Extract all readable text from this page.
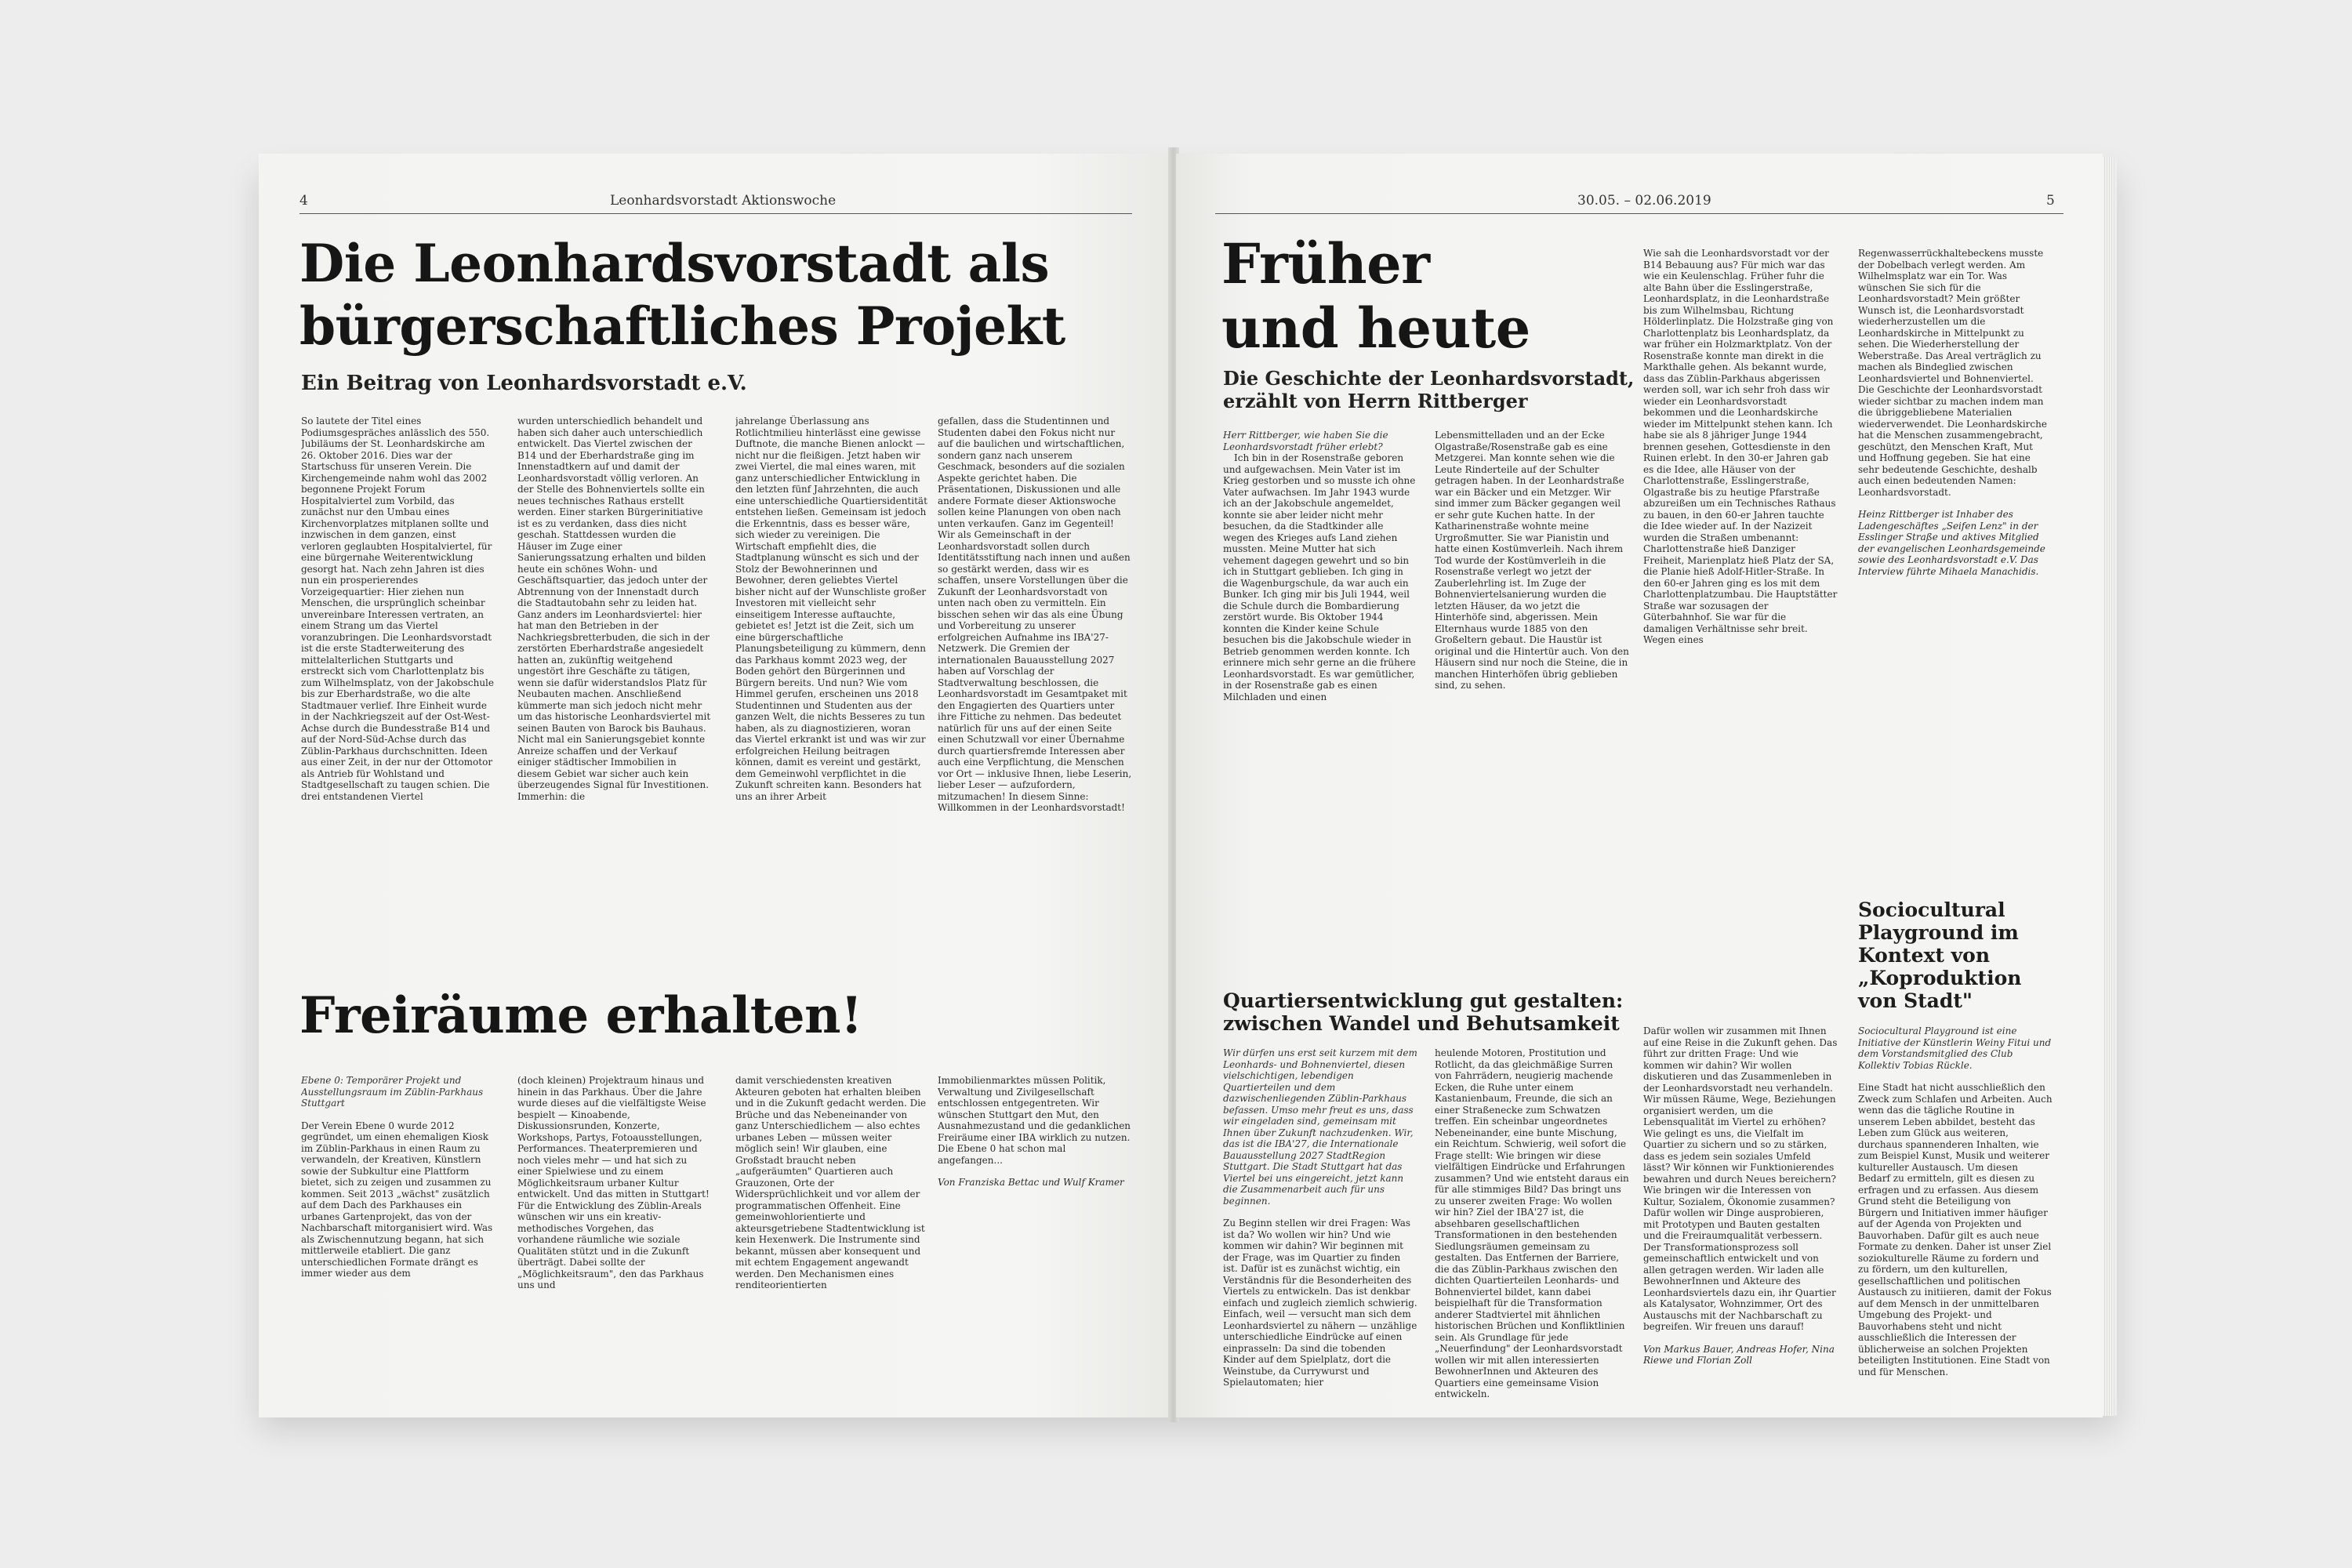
4	Leonhardsvorstadt Aktionswoche
Die Leonhardsvorstadt als
bürgerschaftliches Projekt
Ein Beitrag von Leonhardsvorstadt e.V.
So lautete der Titel eines Podiumsgespräches anlässlich des 550. Jubiläums der St. Leonhardskirche am 26. Oktober 2016. Dies war der Startschuss für unseren Verein. Die Kirchengemeinde nahm wohl das 2002 begonnene Projekt Forum Hospitalviertel zum Vorbild, das zunächst nur den Umbau eines Kirchenvorplatzes mitplanen sollte und inzwischen in dem ganzen, einst verloren geglaubten Hospitalviertel, für eine bürgernahe Weiterentwicklung gesorgt hat. Nach zehn Jahren ist dies nun ein prosperierendes Vorzeigequartier: Hier ziehen nun Menschen, die ursprünglich scheinbar unvereinbare Interessen vertraten, an einem Strang um das Viertel voranzubringen. Die Leonhardsvorstadt ist die erste Stadterweiterung des mittelalterlichen Stuttgarts und erstreckt sich vom Charlottenplatz bis zum Wilhelmsplatz, von der Jakobschule bis zur Eberhardstraße, wo die alte Stadtmauer verlief. Ihre Einheit wurde in der Nachkriegszeit auf der Ost-West-Achse durch die Bundesstraße B14 und auf der Nord-Süd-Achse durch das Züblin-Parkhaus durchschnitten. Ideen aus einer Zeit, in der nur der Ottomotor als Antrieb für Wohlstand und Stadtgesellschaft zu taugen schien. Die drei entstandenen Viertel
wurden unterschiedlich behandelt und haben sich daher auch unterschiedlich entwickelt. Das Viertel zwischen der B14 und der Eberhardstraße ging im Innenstadtkern auf und damit der Leonhardsvorstadt völlig verloren. An der Stelle des Bohnenviertels sollte ein neues technisches Rathaus erstellt werden. Einer starken Bürgerinitiative ist es zu verdanken, dass dies nicht geschah. Stattdessen wurden die Häuser im Zuge einer Sanierungssatzung erhalten und bilden heute ein schönes Wohn- und Geschäftsquartier, das jedoch unter der Abtrennung von der Innenstadt durch die Stadtautobahn sehr zu leiden hat. Ganz anders im Leonhardsviertel: hier hat man den Betrieben in der Nachkriegsbretterbuden, die sich in der zerstörten Eberhardstraße angesiedelt hatten an, zukünftig weitgehend ungestört ihre Geschäfte zu tätigen, wenn sie dafür widerstandslos Platz für Neubauten machen. Anschließend kümmerte man sich jedoch nicht mehr um das historische Leonhardsviertel mit seinen Bauten von Barock bis Bauhaus. Nicht mal ein Sanierungsgebiet konnte Anreize schaffen und der Verkauf einiger städtischer Immobilien in diesem Gebiet war sicher auch kein überzeugendes Signal für Investitionen. Immerhin: die
jahrelange Überlassung ans Rotlichtmilieu hinterlässt eine gewisse Duftnote, die manche Bienen anlockt — nicht nur die fleißigen. Jetzt haben wir zwei Viertel, die mal eines waren, mit ganz unterschiedlicher Entwicklung in den letzten fünf Jahrzehnten, die auch eine unterschiedliche Quartiersidentität entstehen ließen. Gemeinsam ist jedoch die Erkenntnis, dass es besser wäre, sich wieder zu vereinigen. Die Wirtschaft empfiehlt dies, die Stadtplanung wünscht es sich und der Stolz der Bewohnerinnen und Bewohner, deren geliebtes Viertel bisher nicht auf der Wunschliste großer Investoren mit vielleicht sehr einseitigem Interesse auftauchte, gebietet es! Jetzt ist die Zeit, sich um eine bürgerschaftliche Planungsbeteiligung zu kümmern, denn das Parkhaus kommt 2023 weg, der Boden gehört den Bürgerinnen und Bürgern bereits. Und nun? Wie vom Himmel gerufen, erscheinen uns 2018 Studentinnen und Studenten aus der ganzen Welt, die nichts Besseres zu tun haben, als zu diagnostizieren, woran das Viertel erkrankt ist und was wir zur erfolgreichen Heilung beitragen können, damit es vereint und gestärkt, dem Gemeinwohl verpflichtet in die Zukunft schreiten kann. Besonders hat uns an ihrer Arbeit
gefallen, dass die Studentinnen und Studenten dabei den Fokus nicht nur auf die baulichen und wirtschaftlichen, sondern ganz nach unserem Geschmack, besonders auf die sozialen Aspekte gerichtet haben. Die Präsentationen, Diskussionen und alle andere Formate dieser Aktionswoche sollen keine Planungen von oben nach unten verkaufen. Ganz im Gegenteil! Wir als Gemeinschaft in der Leonhardsvorstadt sollen durch Identitätsstiftung nach innen und außen so gestärkt werden, dass wir es schaffen, unsere Vorstellungen über die Zukunft der Leonhardsvorstadt von unten nach oben zu vermitteln. Ein bisschen sehen wir das als eine Übung und Vorbereitung zu unserer erfolgreichen Aufnahme ins IBA'27-Netzwerk. Die Gremien der internationalen Bauausstellung 2027 haben auf Vorschlag der Stadtverwaltung beschlossen, die Leonhardsvorstadt im Gesamtpaket mit den Engagierten des Quartiers unter ihre Fittiche zu nehmen. Das bedeutet natürlich für uns auf der einen Seite einen Schutzwall vor einer Übernahme durch quartiersfremde Interessen aber auch eine Verpflichtung, die Menschen vor Ort — inklusive Ihnen, liebe Leserin, lieber Leser — aufzufordern, mitzumachen! In diesem Sinne: Willkommen in der Leonhardsvorstadt!
Freiräume erhalten!

Ebene 0: Temporärer Projekt und Ausstellungsraum im Züblin-Parkhaus Stuttgart

Der Verein Ebene 0 wurde 2012 gegründet, um einen ehemaligen Kiosk im Züblin-Parkhaus in einen Raum zu verwandeln, der Kreativen, Künstlern sowie der Subkultur eine Plattform bietet, sich zu zeigen und zusammen zu kommen. Seit 2013 „wächst" zusätzlich auf dem Dach des Parkhauses ein urbanes Gartenprojekt, das von der Nachbarschaft mitorganisiert wird. Was als Zwischennutzung begann, hat sich mittlerweile etabliert. Die ganz unterschiedlichen Formate drängt es immer wieder aus dem

(doch kleinen) Projektraum hinaus und hinein in das Parkhaus. Über die Jahre wurde dieses auf die vielfältigste Weise bespielt — Kinoabende, Diskussionsrunden, Konzerte, Workshops, Partys, Fotoausstellungen, Performances. Theaterpremieren und noch vieles mehr — und hat sich zu einer Spielwiese und zu einem Möglichkeitsraum urbaner Kultur entwickelt. Und das mitten in Stuttgart! Für die Entwicklung des Züblin-Areals wünschen wir uns ein kreativ-methodisches Vorgehen, das vorhandene räumliche wie soziale Qualitäten stützt und in die Zukunft überträgt. Dabei sollte der „Möglichkeitsraum", den das Parkhaus uns und
damit verschiedensten kreativen Akteuren geboten hat erhalten bleiben und in die Zukunft gedacht werden. Die Brüche und das Nebeneinander von ganz Unterschiedlichem — also echtes urbanes Leben — müssen weiter möglich sein! Wir glauben, eine Großstadt braucht neben „aufgeräumten" Quartieren auch Grauzonen, Orte der Widersprüchlichkeit und vor allem der programmatischen Offenheit. Eine gemeinwohlorientierte und akteursgetriebene Stadtentwicklung ist kein Hexenwerk. Die Instrumente sind bekannt, müssen aber konsequent und mit echtem Engagement angewandt werden. Den Mechanismen eines renditeorientierten

Immobilienmarktes müssen Politik, Verwaltung und Zivilgesellschaft entschlossen entgegentreten. Wir wünschen Stuttgart den Mut, den Ausnahmezustand und die gedanklichen Freiräume einer IBA wirklich zu nutzen. Die Ebene 0 hat schon mal angefangen...

Von Franziska Bettac und Wulf Kramer

30.05. – 02.06.2019	5
Früher
und heute
Die Geschichte der Leonhardsvorstadt,
erzählt von Herrn Rittberger

Herr Rittberger, wie haben Sie die Leonhardsvorstadt früher erlebt?

Ich bin in der Rosenstraße geboren und aufgewachsen. Mein Vater ist im Krieg gestorben und so musste ich ohne Vater aufwachsen. Im Jahr 1943 wurde ich an der Jakobschule angemeldet, konnte sie aber leider nicht mehr besuchen, da die Stadtkinder alle wegen des Krieges aufs Land ziehen mussten. Meine Mutter hat sich vehement dagegen gewehrt und so bin ich in Stuttgart geblieben. Ich ging in die Wagenburgschule, da war auch ein Bunker. Ich ging mir bis Juli 1944, weil die Schule durch die Bombardierung zerstört wurde. Bis Oktober 1944 konnten die Kinder keine Schule besuchen bis die Jakobschule wieder in Betrieb genommen werden konnte. Ich erinnere mich sehr gerne an die frühere Leonhardsvorstadt. Es war gemütlicher, in der Rosenstraße gab es einen Milchladen und einen

Lebensmittelladen und an der Ecke Olgastraße/Rosenstraße gab es eine Metzgerei. Man konnte sehen wie die Leute Rinderteile auf der Schulter getragen haben. In der Leonhardstraße war ein Bäcker und ein Metzger. Wir sind immer zum Bäcker gegangen weil er sehr gute Kuchen hatte. In der Katharinenstraße wohnte meine Urgroßmutter. Sie war Pianistin und hatte einen Kostümverleih. Nach ihrem Tod wurde der Kostümverleih in die Rosenstraße verlegt wo jetzt der Zauberlehrling ist. Im Zuge der Bohnenviertelsanierung wurden die letzten Häuser, da wo jetzt die Hinterhöfe sind, abgerissen. Mein Elternhaus wurde 1885 von den Großeltern gebaut. Die Haustür ist original und die Hintertür auch. Von den Häusern sind nur noch die Steine, die in manchen Hinterhöfen übrig geblieben sind, zu sehen.
Wie sah die Leonhardsvorstadt vor der B14 Bebauung aus? Für mich war das wie ein Keulenschlag. Früher fuhr die alte Bahn über die Esslingerstraße, Leonhardsplatz, in die Leonhardstraße bis zum Wilhelmsbau, Richtung Hölderlinplatz. Die Holzstraße ging von Charlottenplatz bis Leonhardsplatz, da war früher ein Holzmarktplatz. Von der Rosenstraße konnte man direkt in die Markthalle gehen. Als bekannt wurde, dass das Züblin-Parkhaus abgerissen werden soll, war ich sehr froh dass wir wieder ein Leonhardsvorstadt bekommen und die Leonhardskirche wieder im Mittelpunkt stehen kann. Ich habe sie als 8 jähriger Junge 1944 brennen gesehen, Gottesdienste in den Ruinen erlebt. In den 30-er Jahren gab es die Idee, alle Häuser von der Charlottenstraße, Esslingerstraße, Olgastraße bis zu heutige Pfarstraße abzureißen um ein Technisches Rathaus zu bauen, in den 60-er Jahren tauchte die Idee wieder auf. In der Nazizeit wurden die Straßen umbenannt: Charlottenstraße hieß Danziger Freiheit, Marienplatz hieß Platz der SA, die Planie hieß Adolf-Hitler-Straße. In den 60-er Jahren ging es los mit dem Charlottenplatzumbau. Die Hauptstätter Straße war sozusagen der Güterbahnhof. Sie war für die damaligen Verhältnisse sehr breit. Wegen eines

Regenwasserrückhaltebeckens musste der Dobelbach verlegt werden. Am Wilhelmsplatz war ein Tor. Was wünschen Sie sich für die Leonhardsvorstadt? Mein größter Wunsch ist, die Leonhardsvorstadt wiederherzustellen um die Leonhardskirche in Mittelpunkt zu sehen. Die Wiederherstellung der Weberstraße. Das Areal verträglich zu machen als Bindeglied zwischen Leonhardsviertel und Bohnenviertel. Die Geschichte der Leonhardsvorstadt wieder sichtbar zu machen indem man die übriggebliebene Materialien wiederverwendet. Die Leonhardskirche hat die Menschen zusammengebracht, geschützt, den Menschen Kraft, Mut und Hoffnung gegeben. Sie hat eine sehr bedeutende Geschichte, deshalb auch einen bedeutenden Namen: Leonhardsvorstadt.

Heinz Rittberger ist Inhaber des Ladengeschäftes „Seifen Lenz" in der Esslinger Straße und aktives Mitglied der evangelischen Leonhardsgemeinde sowie des Leonhardsvorstadt e.V. Das Interview führte Mihaela Manachidis.

Quartiersentwicklung gut gestalten:
zwischen Wandel und Behutsamkeit

Wir dürfen uns erst seit kurzem mit dem Leonhards- und Bohnenviertel, diesen vielschichtigen, lebendigen Quartierteilen und dem dazwischenliegenden Züblin-Parkhaus befassen. Umso mehr freut es uns, dass wir eingeladen sind, gemeinsam mit Ihnen über Zukunft nachzudenken. Wir, das ist die IBA'27, die Internationale Bauausstellung 2027 StadtRegion Stuttgart. Die Stadt Stuttgart hat das Viertel bei uns eingereicht, jetzt kann die Zusammenarbeit auch für uns beginnen.

Zu Beginn stellen wir drei Fragen: Was ist da? Wo wollen wir hin? Und wie kommen wir dahin? Wir beginnen mit der Frage, was im Quartier zu finden ist. Dafür ist es zunächst wichtig, ein Verständnis für die Besonderheiten des Viertels zu entwickeln. Das ist denkbar einfach und zugleich ziemlich schwierig. Einfach, weil — versucht man sich dem Leonhardsviertel zu nähern — unzählige unterschiedliche Eindrücke auf einen einprasseln: Da sind die tobenden Kinder auf dem Spielplatz, dort die Weinstube, da Currywurst und Spielautomaten; hier

heulende Motoren, Prostitution und Rotlicht, da das gleichmäßige Surren von Fahrrädern, neugierig machende Ecken, die Ruhe unter einem Kastanienbaum, Freunde, die sich an einer Straßenecke zum Schwatzen treffen. Ein scheinbar ungeordnetes Nebeneinander, eine bunte Mischung, ein Reichtum. Schwierig, weil sofort die Frage stellt: Wie bringen wir diese vielfältigen Eindrücke und Erfahrungen zusammen? Und wie entsteht daraus ein für alle stimmiges Bild? Das bringt uns zu unserer zweiten Frage: Wo wollen wir hin? Ziel der IBA'27 ist, die absehbaren gesellschaftlichen Transformationen in den bestehenden Siedlungsräumen gemeinsam zu gestalten. Das Entfernen der Barriere, die das Züblin-Parkhaus zwischen den dichten Quartierteilen Leonhards- und Bohnenviertel bildet, kann dabei beispielhaft für die Transformation anderer Stadtviertel mit ähnlichen historischen Brüchen und Konfliktlinien sein. Als Grundlage für jede „Neuerfindung" der Leonhardsvorstadt wollen wir mit allen interessierten BewohnerInnen und Akteuren des Quartiers eine gemeinsame Vision entwickeln.

Dafür wollen wir zusammen mit Ihnen auf eine Reise in die Zukunft gehen. Das führt zur dritten Frage: Und wie kommen wir dahin? Wir wollen diskutieren und das Zusammenleben in der Leonhardsvorstadt neu verhandeln. Wir müssen Räume, Wege, Beziehungen organisiert werden, um die Lebensqualität im Viertel zu erhöhen? Wie gelingt es uns, die Vielfalt im Quartier zu sichern und so zu stärken, dass es jedem sein soziales Umfeld lässt? Wir können wir Funktionierendes bewahren und durch Neues bereichern? Wie bringen wir die Interessen von Kultur, Sozialem, Ökonomie zusammen? Dafür wollen wir Dinge ausprobieren, mit Prototypen und Bauten gestalten und die Freiraumqualität verbessern. Der Transformationsprozess soll gemeinschaftlich entwickelt und von allen getragen werden. Wir laden alle BewohnerInnen und Akteure des Leonhardsviertels dazu ein, ihr Quartier als Katalysator, Wohnzimmer, Ort des Austauschs mit der Nachbarschaft zu begreifen. Wir freuen uns darauf!

Von Markus Bauer, Andreas Hofer, Nina Riewe und Florian Zoll

Sociocultural
Playground im
Kontext von
„Koproduktion
von Stadt"

Sociocultural Playground ist eine Initiative der Künstlerin Weiny Fitui und dem Vorstandsmitglied des Club Kollektiv Tobias Rückle.

Eine Stadt hat nicht ausschließlich den Zweck zum Schlafen und Arbeiten. Auch wenn das die tägliche Routine in unserem Leben abbildet, besteht das Leben zum Glück aus weiteren, durchaus spannenderen Inhalten, wie zum Beispiel Kunst, Musik und weiterer kultureller Austausch. Um diesen Bedarf zu ermitteln, gilt es diesen zu erfragen und zu erfassen. Aus diesem Grund steht die Beteiligung von Bürgern und Initiativen immer häufiger auf der Agenda von Projekten und Bauvorhaben. Dafür gilt es auch neue Formate zu denken. Daher ist unser Ziel soziokulturelle Räume zu fordern und zu fördern, um den kulturellen, gesellschaftlichen und politischen Austausch zu initiieren, damit der Fokus auf dem Mensch in der unmittelbaren Umgebung des Projekt- und Bauvorhabens steht und nicht ausschließlich die Interessen der üblicherweise an solchen Projekten beteiligten Institutionen. Eine Stadt von und für Menschen.
